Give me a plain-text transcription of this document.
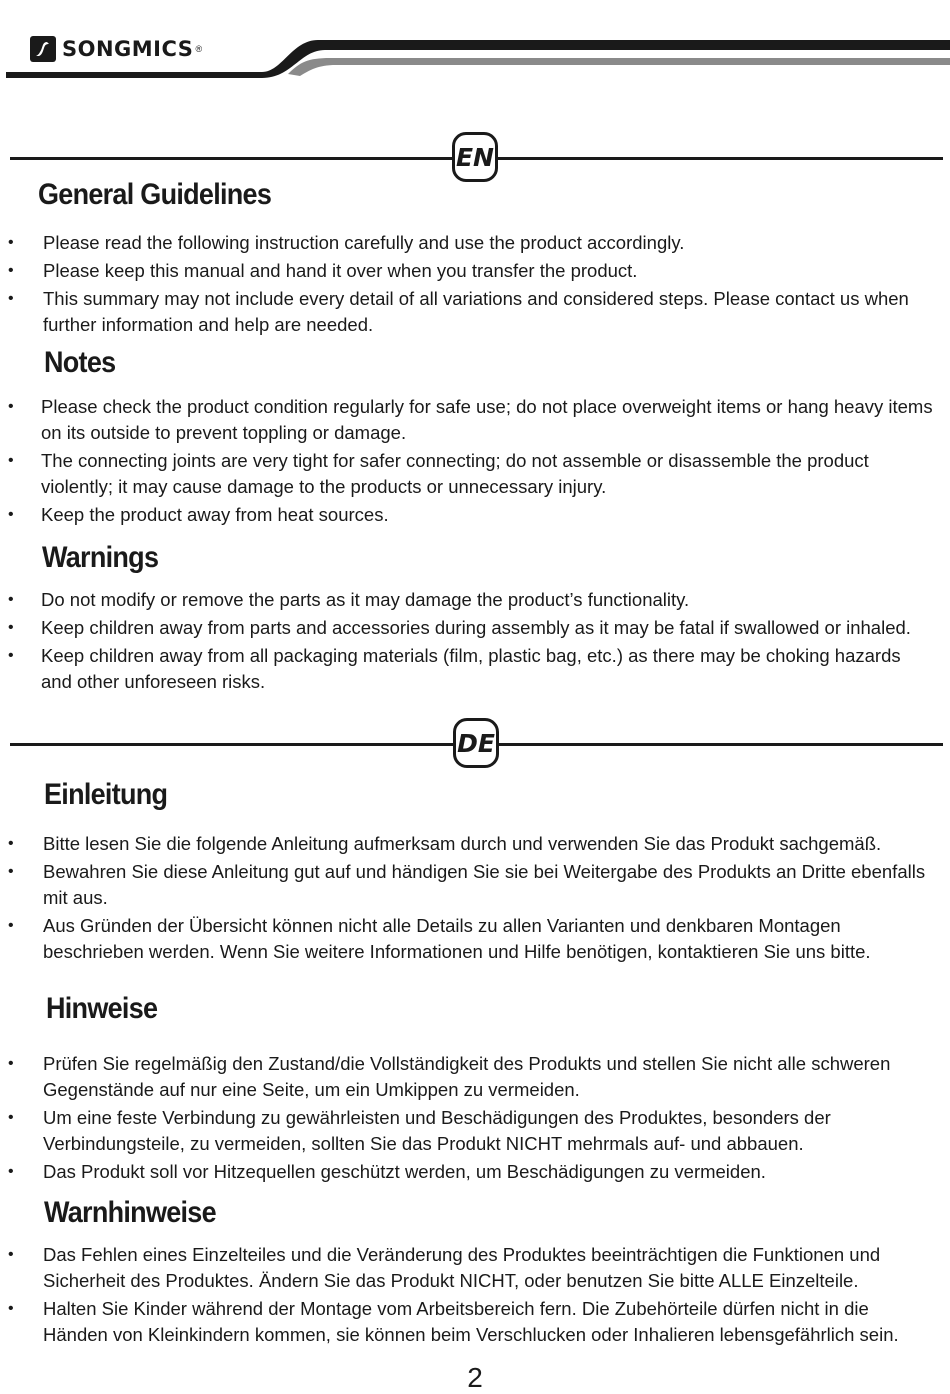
SONGMICS ®
EN
General Guidelines
• Please read the following instruction carefully and use the product accordingly.
• Please keep this manual and hand it over when you transfer the product.
• This summary may not include every detail of all variations and considered steps. Please contact us when further information and help are needed.
Notes
• Please check the product condition regularly for safe use; do not place overweight items or hang heavy items on its outside to prevent toppling or damage.
• The connecting joints are very tight for safer connecting; do not assemble or disassemble the product violently; it may cause damage to the products or unnecessary injury.
• Keep the product away from heat sources.
Warnings
• Do not modify or remove the parts as it may damage the product’s functionality.
• Keep children away from parts and accessories during assembly as it may be fatal if swallowed or inhaled.
• Keep children away from all packaging materials (film, plastic bag, etc.) as there may be choking hazards and other unforeseen risks.
DE
Einleitung
• Bitte lesen Sie die folgende Anleitung aufmerksam durch und verwenden Sie das Produkt sachgemäß.
• Bewahren Sie diese Anleitung gut auf und händigen Sie sie bei Weitergabe des Produkts an Dritte ebenfalls mit aus.
• Aus Gründen der Übersicht können nicht alle Details zu allen Varianten und denkbaren Montagen beschrieben werden. Wenn Sie weitere Informationen und Hilfe benötigen, kontaktieren Sie uns bitte.
Hinweise
• Prüfen Sie regelmäßig den Zustand/die Vollständigkeit des Produkts und stellen Sie nicht alle schweren Gegenstände auf nur eine Seite, um ein Umkippen zu vermeiden.
• Um eine feste Verbindung zu gewährleisten und Beschädigungen des Produktes, besonders der Verbindungsteile, zu vermeiden, sollten Sie das Produkt NICHT mehrmals auf- und abbauen.
• Das Produkt soll vor Hitzequellen geschützt werden, um Beschädigungen zu vermeiden.
Warnhinweise
• Das Fehlen eines Einzelteiles und die Veränderung des Produktes beeinträchtigen die Funktionen und Sicherheit des Produktes. Ändern Sie das Produkt NICHT, oder benutzen Sie bitte ALLE Einzelteile.
• Halten Sie Kinder während der Montage vom Arbeitsbereich fern. Die Zubehörteile dürfen nicht in die Händen von Kleinkindern kommen, sie können beim Verschlucken oder Inhalieren lebensgefährlich sein.
2
